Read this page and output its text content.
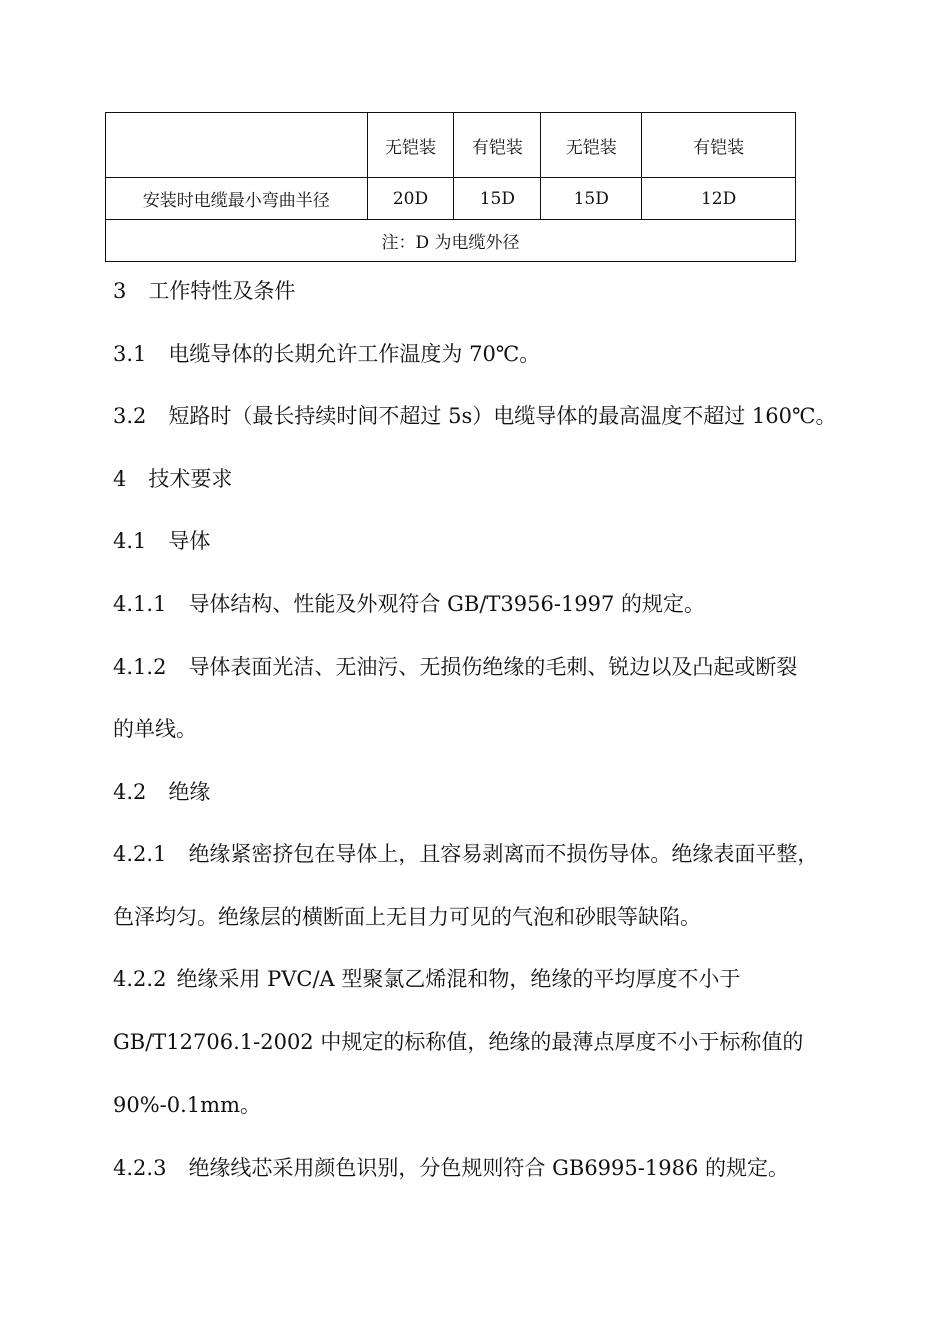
	无铠装	有铠装	无铠装	有铠装
安装时电缆最小弯曲半径	20D	15D	15D	12D
注：D 为电缆外径				
3 工作特性及条件
3.1 电缆导体的长期允许工作温度为 70℃。
3.2 短路时（最长持续时间不超过 5s）电缆导体的最高温度不超过 160℃。
4 技术要求
4.1 导体
4.1.1 导体结构、性能及外观符合 GB/T3956-1997 的规定。
4.1.2 导体表面光洁、无油污、无损伤绝缘的毛刺、锐边以及凸起或断裂
的单线。
4.2 绝缘
4.2.1 绝缘紧密挤包在导体上，且容易剥离而不损伤导体。绝缘表面平整，
色泽均匀。绝缘层的横断面上无目力可见的气泡和砂眼等缺陷。
4.2.2 绝缘采用 PVC/A 型聚氯乙烯混和物，绝缘的平均厚度不小于
GB/T12706.1-2002 中规定的标称值，绝缘的最薄点厚度不小于标称值的
90%-0.1mm。
4.2.3 绝缘线芯采用颜色识别，分色规则符合 GB6995-1986 的规定。
